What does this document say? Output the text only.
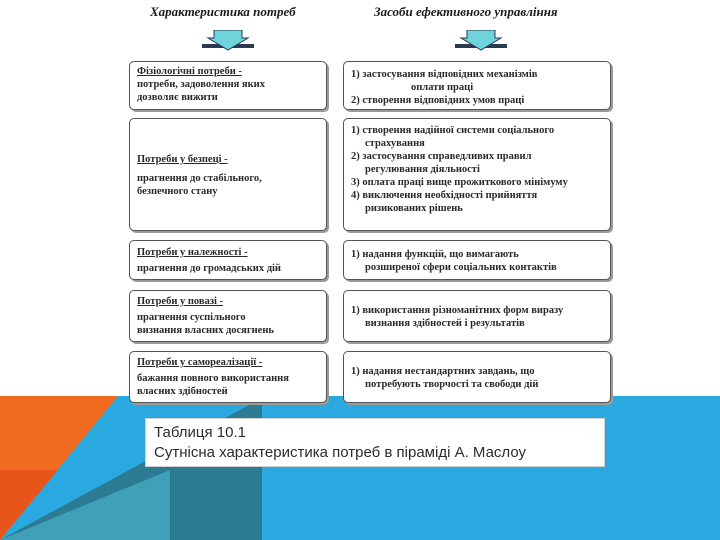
Характеристика потреб	Засоби ефективного управління
Фізіологічні потреби -
потреби, задоволення яких
дозволяє вижити
1) застосування відповідних механізмів
оплати праці
2) створення відповідних умов праці
Потреби у безпеці -
прагнення до стабільного,
безпечного стану
1) створення надійної системи соціального
страхування
2) застосування справедливих правил
регулювання діяльності
3) оплата праці вище прожиткового мінімуму
4) виключення необхідності прийняття
ризикованих рішень
Потреби у належності -
прагнення до громадських дій
1) надання функцій, що вимагають
розширеної сфери соціальних контактів
Потреби у повазі -
прагнення суспільного
визнання власних досягнень
1) використання різноманітних форм виразу
визнання здібностей і результатів
Потреби у самореалізації -
бажання повного використання
власних здібностей
1) надання нестандартних завдань, що
потребують творчості та свободи дій
Таблиця 10.1
Сутнісна характеристика потреб в піраміді А. Маслоу
